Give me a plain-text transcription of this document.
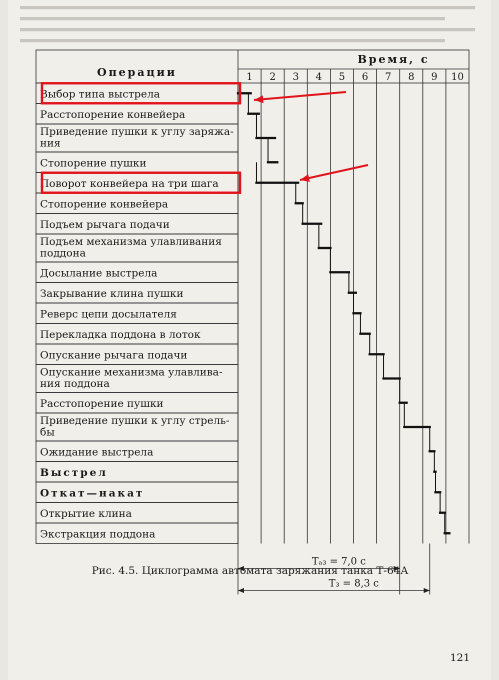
Операции
Время, с
1 2 3 4 5 6 7 8 9 10
Выбор типа выстрела
Расстопорение конвейера
Приведение пушки к углу заряжа-
ния
Стопорение пушки
Поворот конвейера на три шага
Стопорение конвейера
Подъем рычага подачи
Подъем механизма улавливания
поддона
Досылание выстрела
Закрывание клина пушки
Реверс цепи досылателя
Перекладка поддона в лоток
Опускание рычага подачи
Опускание механизма улавлива-
ния поддона
Расстопорение пушки
Приведение пушки к углу стрель-
бы
Ожидание выстрела
Выстрел
Откат—накат
Открытие клина
Экстракция поддона
Тₐ₃ = 7,0 с
Т₃ = 8,3 с
Рис. 4.5. Циклограмма автомата заряжания танка Т-64А
121
